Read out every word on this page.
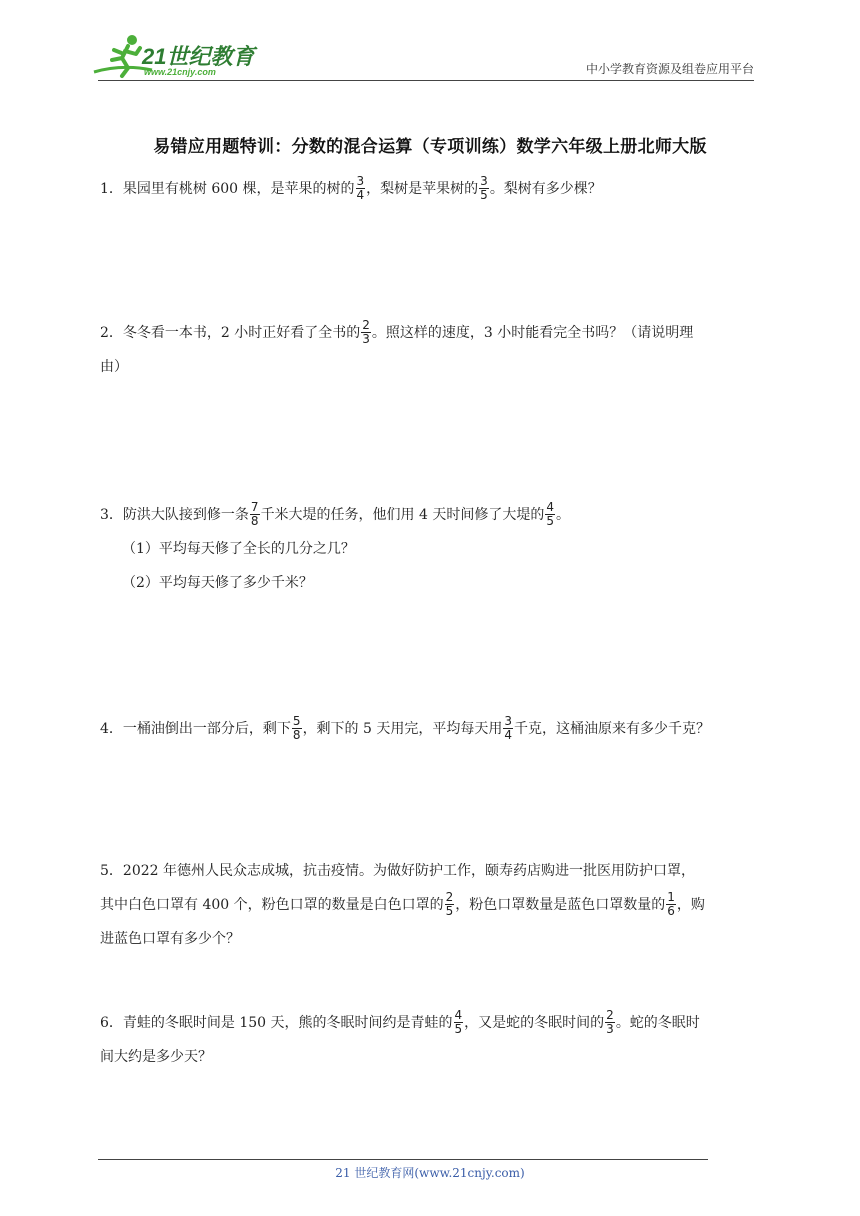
21世纪教育
www.21cnjy.com	中小学教育资源及组卷应用平台
易错应用题特训：分数的混合运算（专项训练）数学六年级上册北师大版

1．果园里有桃树 600 棵，是苹果的树的 $\frac{3}{4}$ ，梨树是苹果树的 $\frac{3}{5}$ 。梨树有多少棵？

2．冬冬看一本书，2 小时正好看了全书的 $\frac{2}{3}$ 。照这样的速度，3 小时能看完全书吗？（请说明理

由）

3．防洪大队接到修一条 $\frac{7}{8}$ 千米大堤的任务，他们用 4 天时间修了大堤的 $\frac{4}{5}$ 。

（1）平均每天修了全长的几分之几？

（2）平均每天修了多少千米？

4．一桶油倒出一部分后，剩下 $\frac{5}{8}$ ，剩下的 5 天用完，平均每天用 $\frac{3}{4}$ 千克，这桶油原来有多少千克？

5．2022 年德州人民众志成城，抗击疫情。为做好防护工作，颐寿药店购进一批医用防护口罩，

其中白色口罩有 400 个，粉色口罩的数量是白色口罩的 $\frac{2}{5}$ ，粉色口罩数量是蓝色口罩数量的 $\frac{1}{6}$ ，购

进蓝色口罩有多少个？

6．青蛙的冬眠时间是 150 天，熊的冬眠时间约是青蛙的 $\frac{4}{5}$ ，又是蛇的冬眠时间的 $\frac{2}{3}$ 。蛇的冬眠时

间大约是多少天？

21 世纪教育网(www.21cnjy.com)
